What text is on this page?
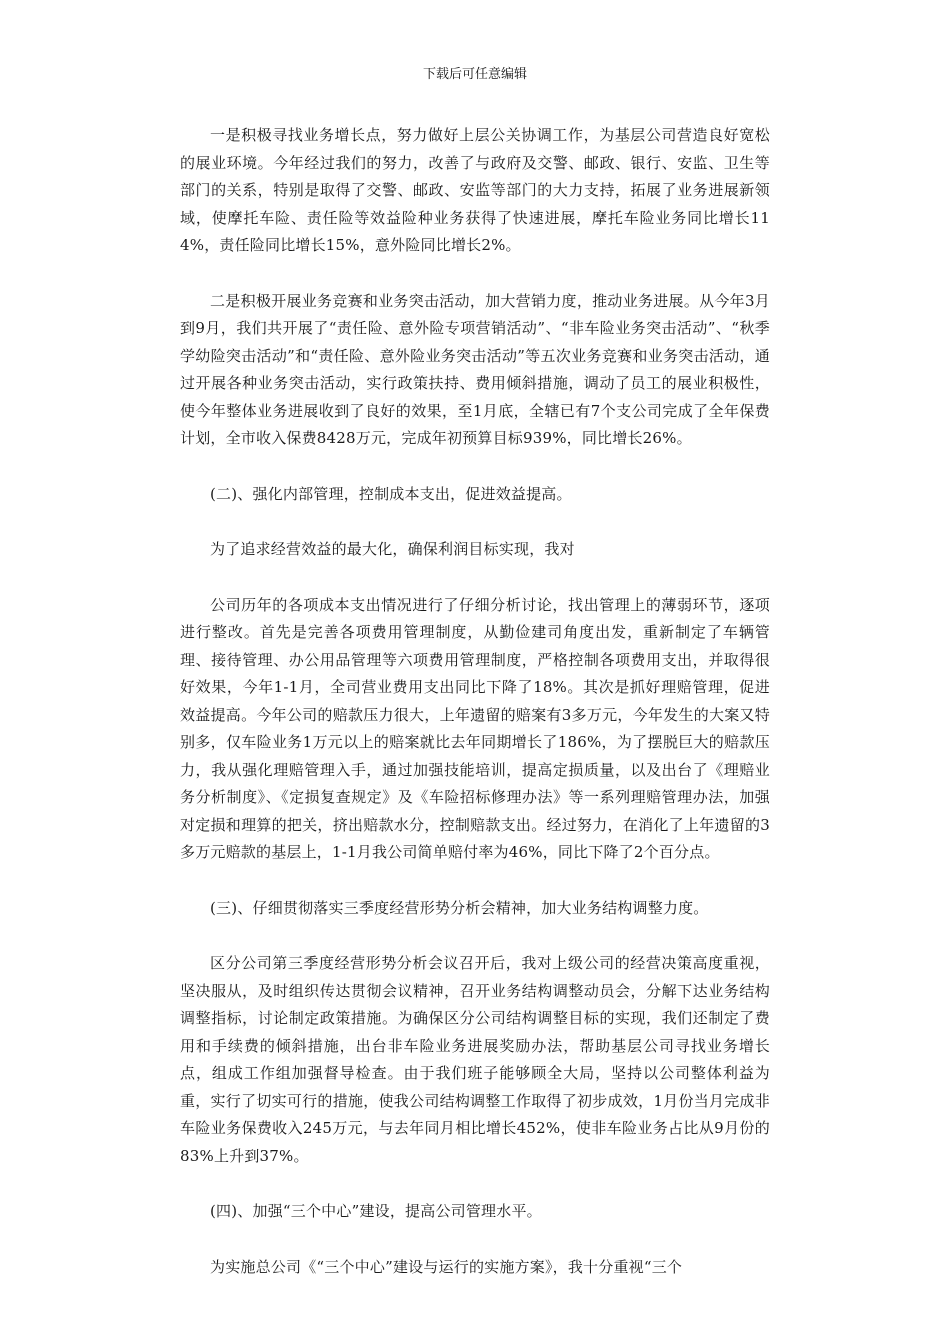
下载后可任意编辑

一是积极寻找业务增长点，努力做好上层公关协调工作，为基层公司营造良好宽松的展业环境。今年经过我们的努力，改善了与政府及交警、邮政、银行、安监、卫生等部门的关系，特别是取得了交警、邮政、安监等部门的大力支持，拓展了业务进展新领域，使摩托车险、责任险等效益险种业务获得了快速进展，摩托车险业务同比增长114%，责任险同比增长15%，意外险同比增长2%。

二是积极开展业务竞赛和业务突击活动，加大营销力度，推动业务进展。从今年3月到9月，我们共开展了“责任险、意外险专项营销活动”、“非车险业务突击活动”、“秋季学幼险突击活动”和“责任险、意外险业务突击活动”等五次业务竞赛和业务突击活动，通过开展各种业务突击活动，实行政策扶持、费用倾斜措施，调动了员工的展业积极性，使今年整体业务进展收到了良好的效果，至1月底，全辖已有7个支公司完成了全年保费计划，全市收入保费8428万元，完成年初预算目标939%，同比增长26%。

(二)、强化内部管理，控制成本支出，促进效益提高。

为了追求经营效益的最大化，确保利润目标实现，我对

公司历年的各项成本支出情况进行了仔细分析讨论，找出管理上的薄弱环节，逐项进行整改。首先是完善各项费用管理制度，从勤俭建司角度出发，重新制定了车辆管理、接待管理、办公用品管理等六项费用管理制度，严格控制各项费用支出，并取得很好效果，今年1-1月，全司营业费用支出同比下降了18%。其次是抓好理赔管理，促进效益提高。今年公司的赔款压力很大，上年遗留的赔案有3多万元，今年发生的大案又特别多，仅车险业务1万元以上的赔案就比去年同期增长了186%，为了摆脱巨大的赔款压力，我从强化理赔管理入手，通过加强技能培训，提高定损质量，以及出台了《理赔业务分析制度》、《定损复查规定》及《车险招标修理办法》等一系列理赔管理办法，加强对定损和理算的把关，挤出赔款水分，控制赔款支出。经过努力，在消化了上年遗留的3多万元赔款的基层上，1-1月我公司简单赔付率为46%，同比下降了2个百分点。

(三)、仔细贯彻落实三季度经营形势分析会精神，加大业务结构调整力度。

区分公司第三季度经营形势分析会议召开后，我对上级公司的经营决策高度重视，坚决服从，及时组织传达贯彻会议精神，召开业务结构调整动员会，分解下达业务结构调整指标，讨论制定政策措施。为确保区分公司结构调整目标的实现，我们还制定了费用和手续费的倾斜措施，出台非车险业务进展奖励办法，帮助基层公司寻找业务增长点，组成工作组加强督导检查。由于我们班子能够顾全大局，坚持以公司整体利益为重，实行了切实可行的措施，使我公司结构调整工作取得了初步成效，1月份当月完成非车险业务保费收入245万元，与去年同月相比增长452%，使非车险业务占比从9月份的83%上升到37%。

(四)、加强“三个中心”建设，提高公司管理水平。

为实施总公司《“三个中心”建设与运行的实施方案》，我十分重视“三个
